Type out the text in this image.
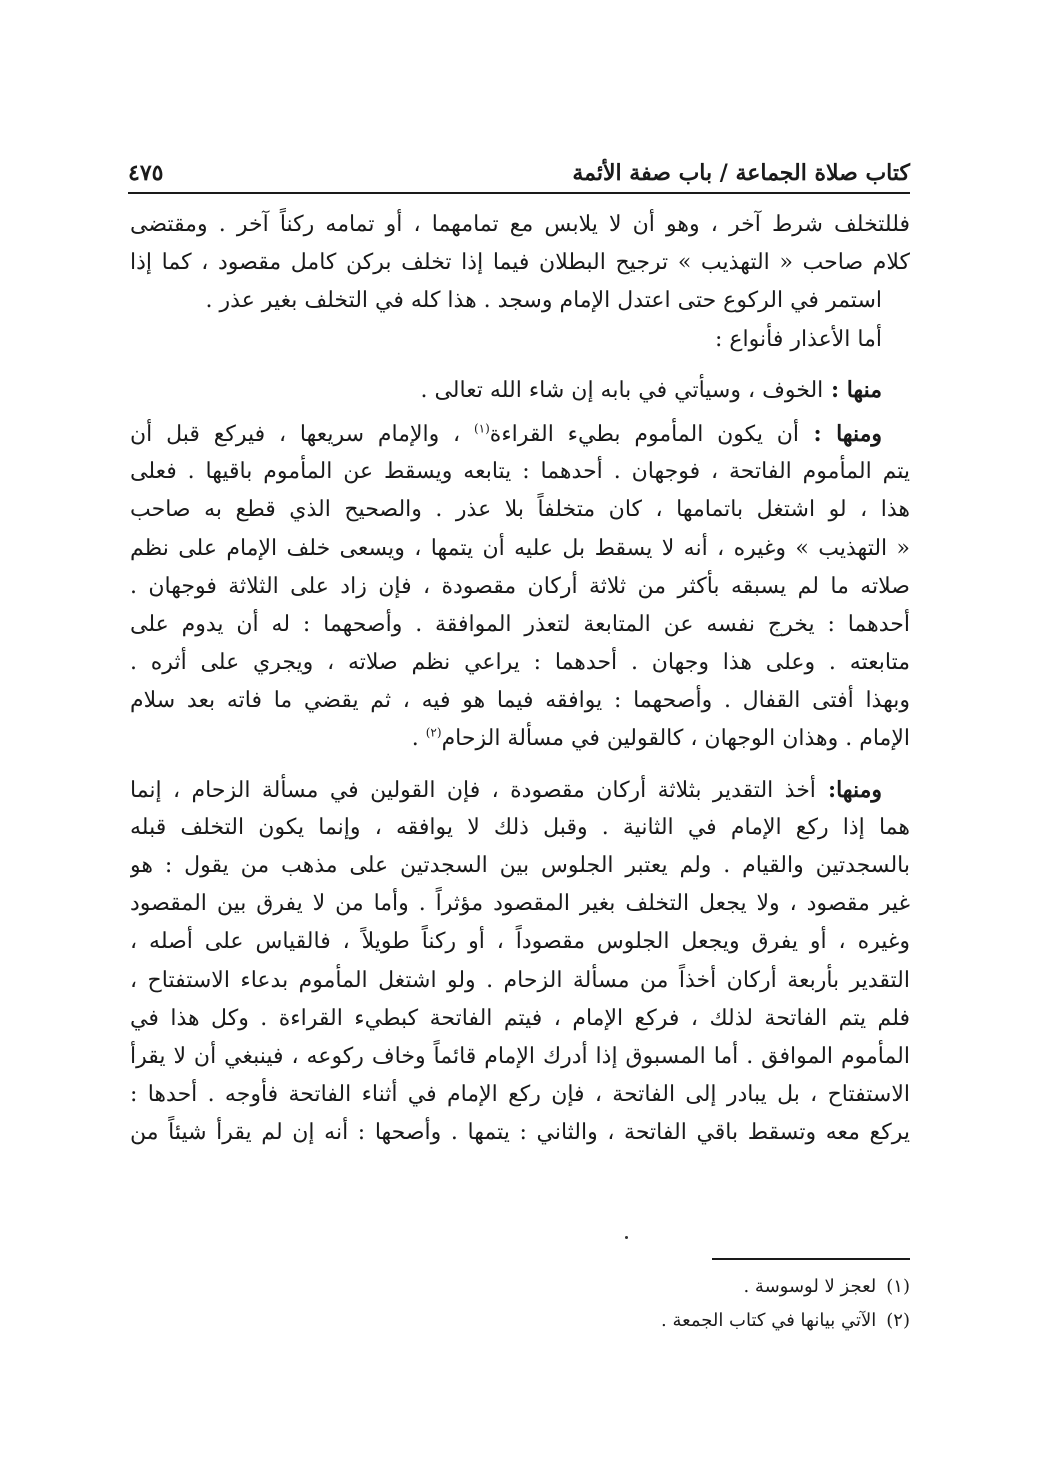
كتاب صلاة الجماعة / باب صفة الأئمة
٤٧٥
فللتخلف شرط آخر ، وهو أن لا يلابس مع تمامهما ، أو تمامه ركناً آخر . ومقتضى
كلام صاحب « التهذيب » ترجيح البطلان فيما إذا تخلف بركن كامل مقصود ، كما إذا
استمر في الركوع حتى اعتدل الإمام وسجد . هذا كله في التخلف بغير عذر .
أما الأعذار فأنواع :
منها : الخوف ، وسيأتي في بابه إن شاء الله تعالى .
ومنها : أن يكون المأموم بطيء القراءة$^{(١)}$ ، والإمام سريعها ، فيركع قبل أن
يتم المأموم الفاتحة ، فوجهان . أحدهما : يتابعه ويسقط عن المأموم باقيها . فعلى
هذا ، لو اشتغل باتمامها ، كان متخلفاً بلا عذر . والصحيح الذي قطع به صاحب
« التهذيب » وغيره ، أنه لا يسقط بل عليه أن يتمها ، ويسعى خلف الإمام على نظم
صلاته ما لم يسبقه بأكثر من ثلاثة أركان مقصودة ، فإن زاد على الثلاثة فوجهان .
أحدهما : يخرج نفسه عن المتابعة لتعذر الموافقة . وأصحهما : له أن يدوم على
متابعته . وعلى هذا وجهان . أحدهما : يراعي نظم صلاته ، ويجري على أثره .
وبهذا أفتى القفال . وأصحهما : يوافقه فيما هو فيه ، ثم يقضي ما فاته بعد سلام
الإمام . وهذان الوجهان ، كالقولين في مسألة الزحام$^{(٢)}$ .
ومنها: أخذ التقدير بثلاثة أركان مقصودة ، فإن القولين في مسألة الزحام ، إنما
هما إذا ركع الإمام في الثانية . وقبل ذلك لا يوافقه ، وإنما يكون التخلف قبله
بالسجدتين والقيام . ولم يعتبر الجلوس بين السجدتين على مذهب من يقول : هو
غير مقصود ، ولا يجعل التخلف بغير المقصود مؤثراً . وأما من لا يفرق بين المقصود
وغيره ، أو يفرق ويجعل الجلوس مقصوداً ، أو ركناً طويلاً ، فالقياس على أصله ،
التقدير بأربعة أركان أخذاً من مسألة الزحام . ولو اشتغل المأموم بدعاء الاستفتاح ،
فلم يتم الفاتحة لذلك ، فركع الإمام ، فيتم الفاتحة كبطيء القراءة . وكل هذا في
المأموم الموافق . أما المسبوق إذا أدرك الإمام قائماً وخاف ركوعه ، فينبغي أن لا يقرأ
الاستفتاح ، بل يبادر إلى الفاتحة ، فإن ركع الإمام في أثناء الفاتحة فأوجه . أحدها :
يركع معه وتسقط باقي الفاتحة ، والثاني : يتمها . وأصحها : أنه إن لم يقرأ شيئاً من
(١)لعجز لا لوسوسة .
(٢)الآتي بيانها في كتاب الجمعة .
